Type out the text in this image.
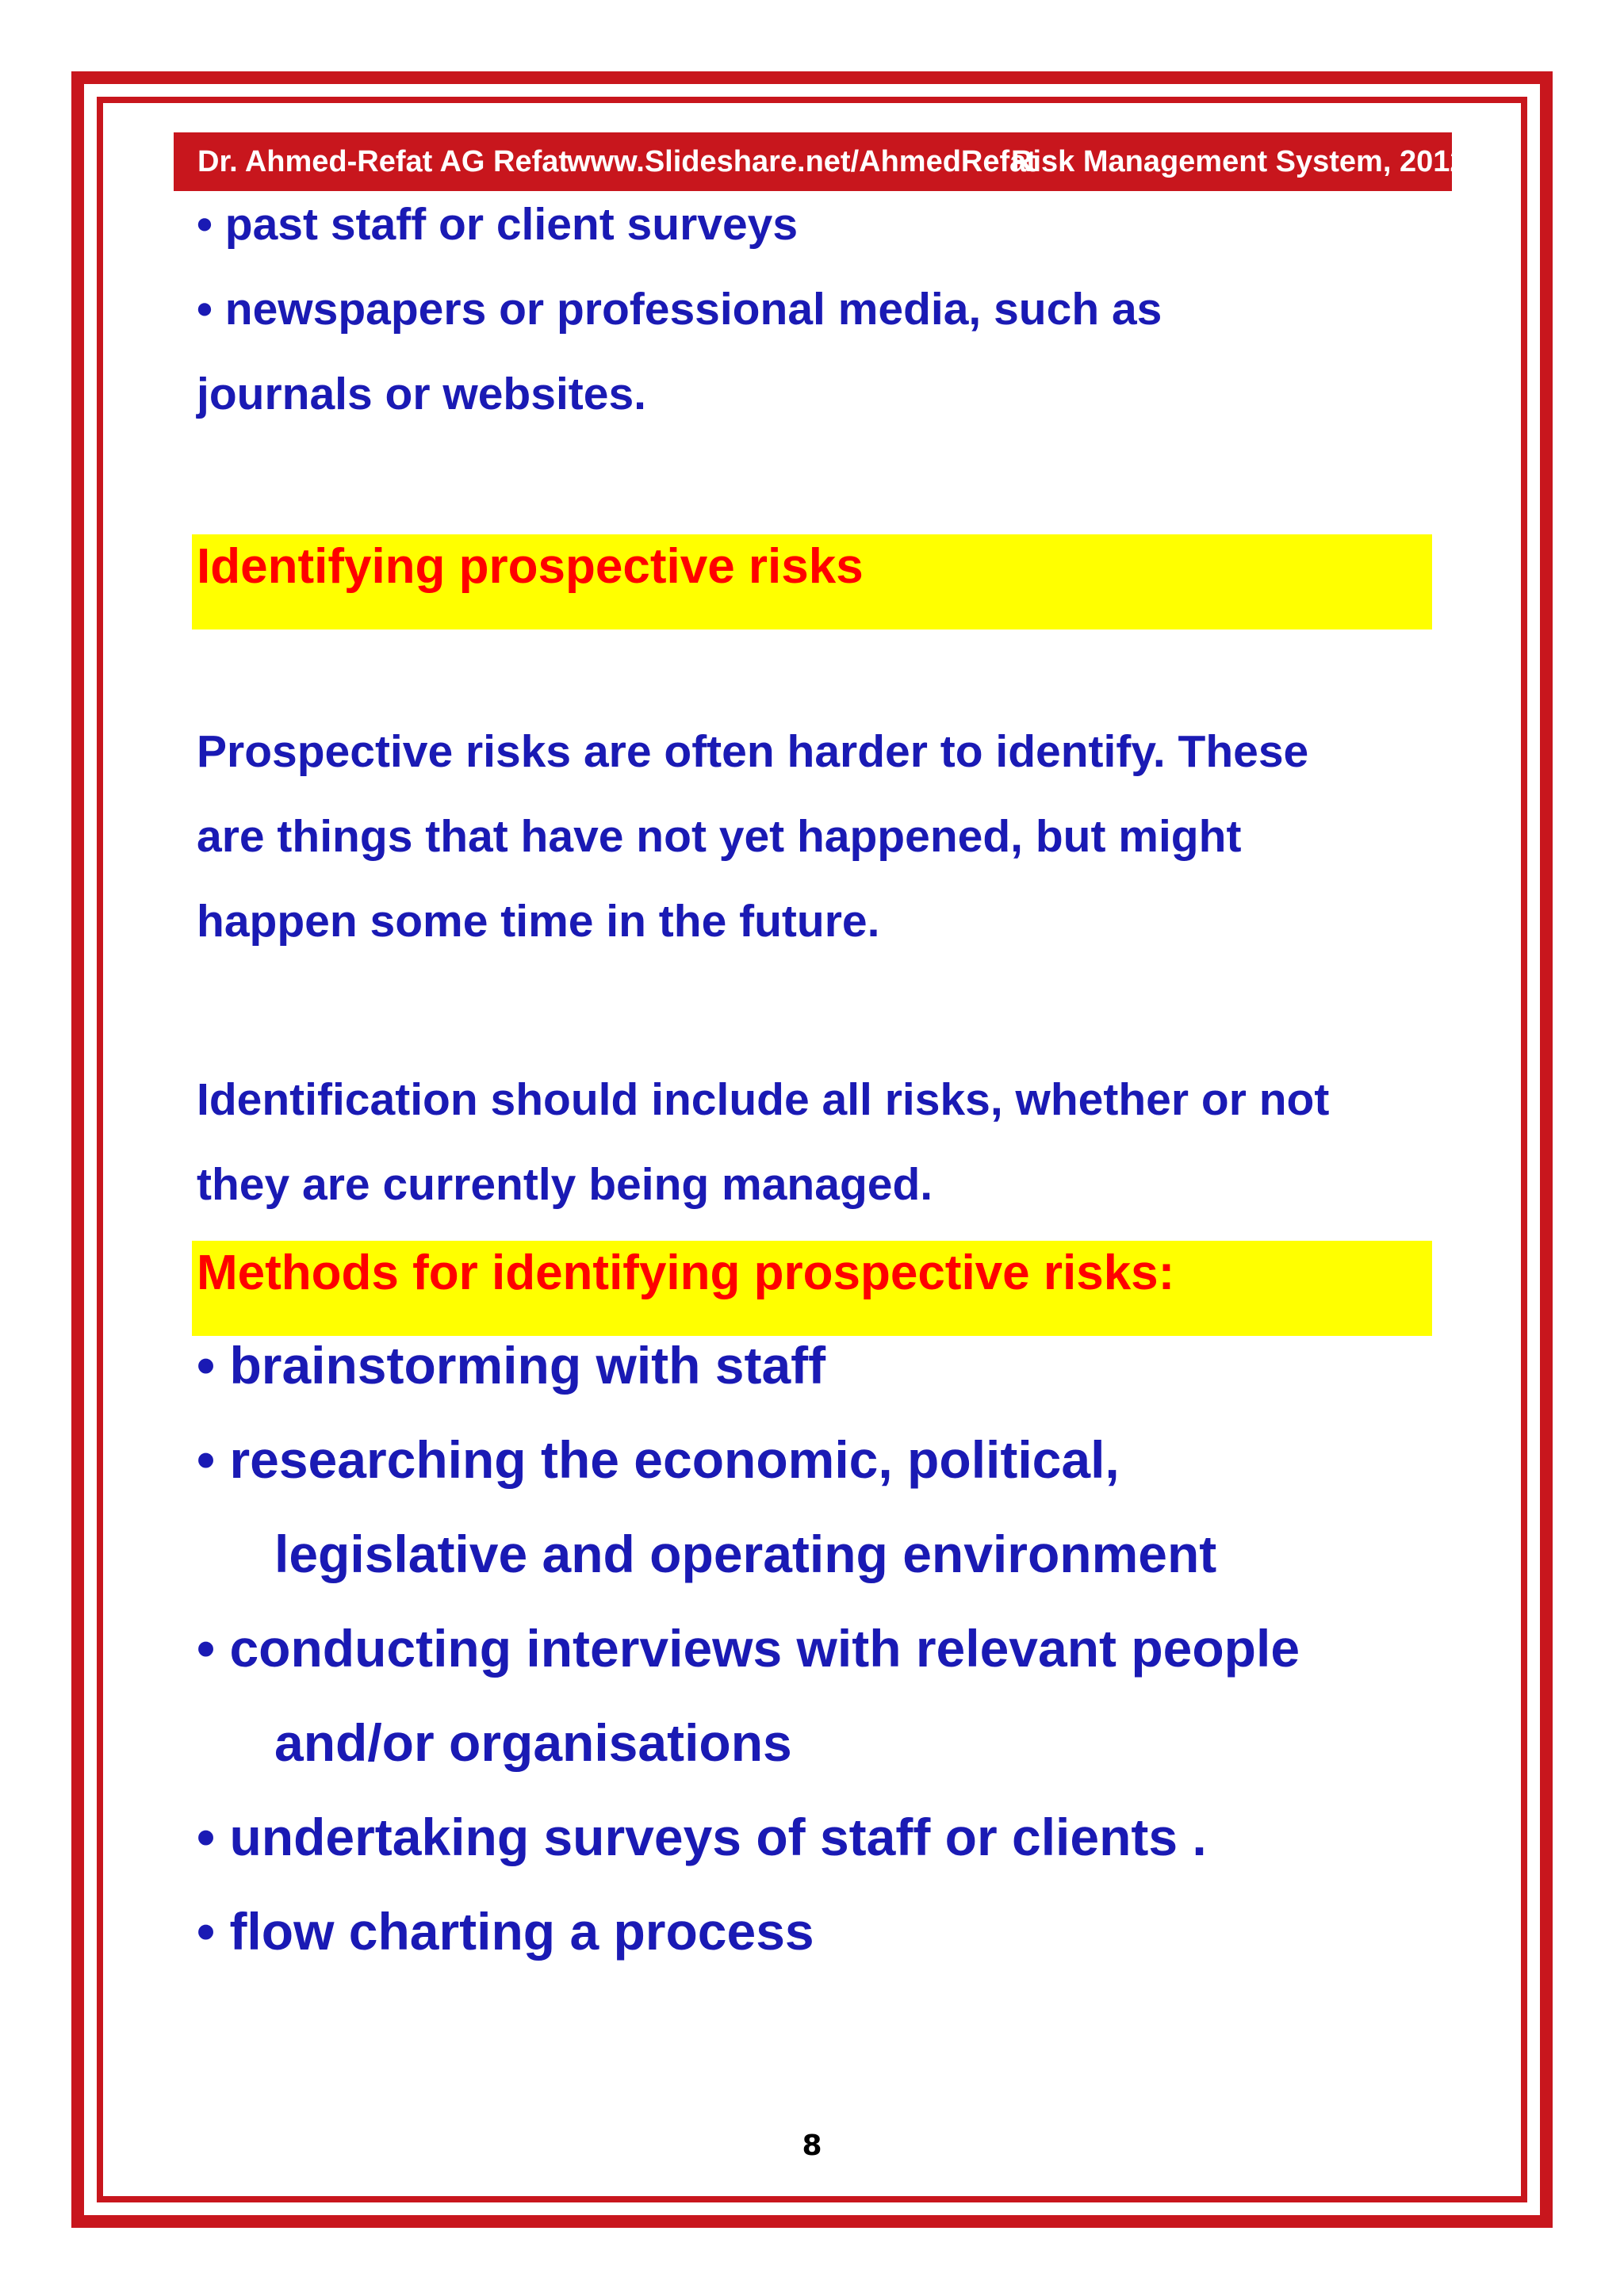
Dr. Ahmed-Refat AG Refat
www.Slideshare.net/AhmedRefat
Risk Management System, 2012

• past staff or client surveys

• newspapers or professional media, such as

journals or websites.

Identifying prospective risks

Prospective risks are often harder to identify. These

are things that have not yet happened, but might

happen some time in the future.

Identification should include all risks, whether or not

they are currently being managed.

Methods for identifying prospective risks:

• brainstorming with staff

• researching the economic, political,

legislative and operating environment

• conducting interviews with relevant people

and/or organisations

• undertaking surveys of staff or clients .

• flow charting a process

8
